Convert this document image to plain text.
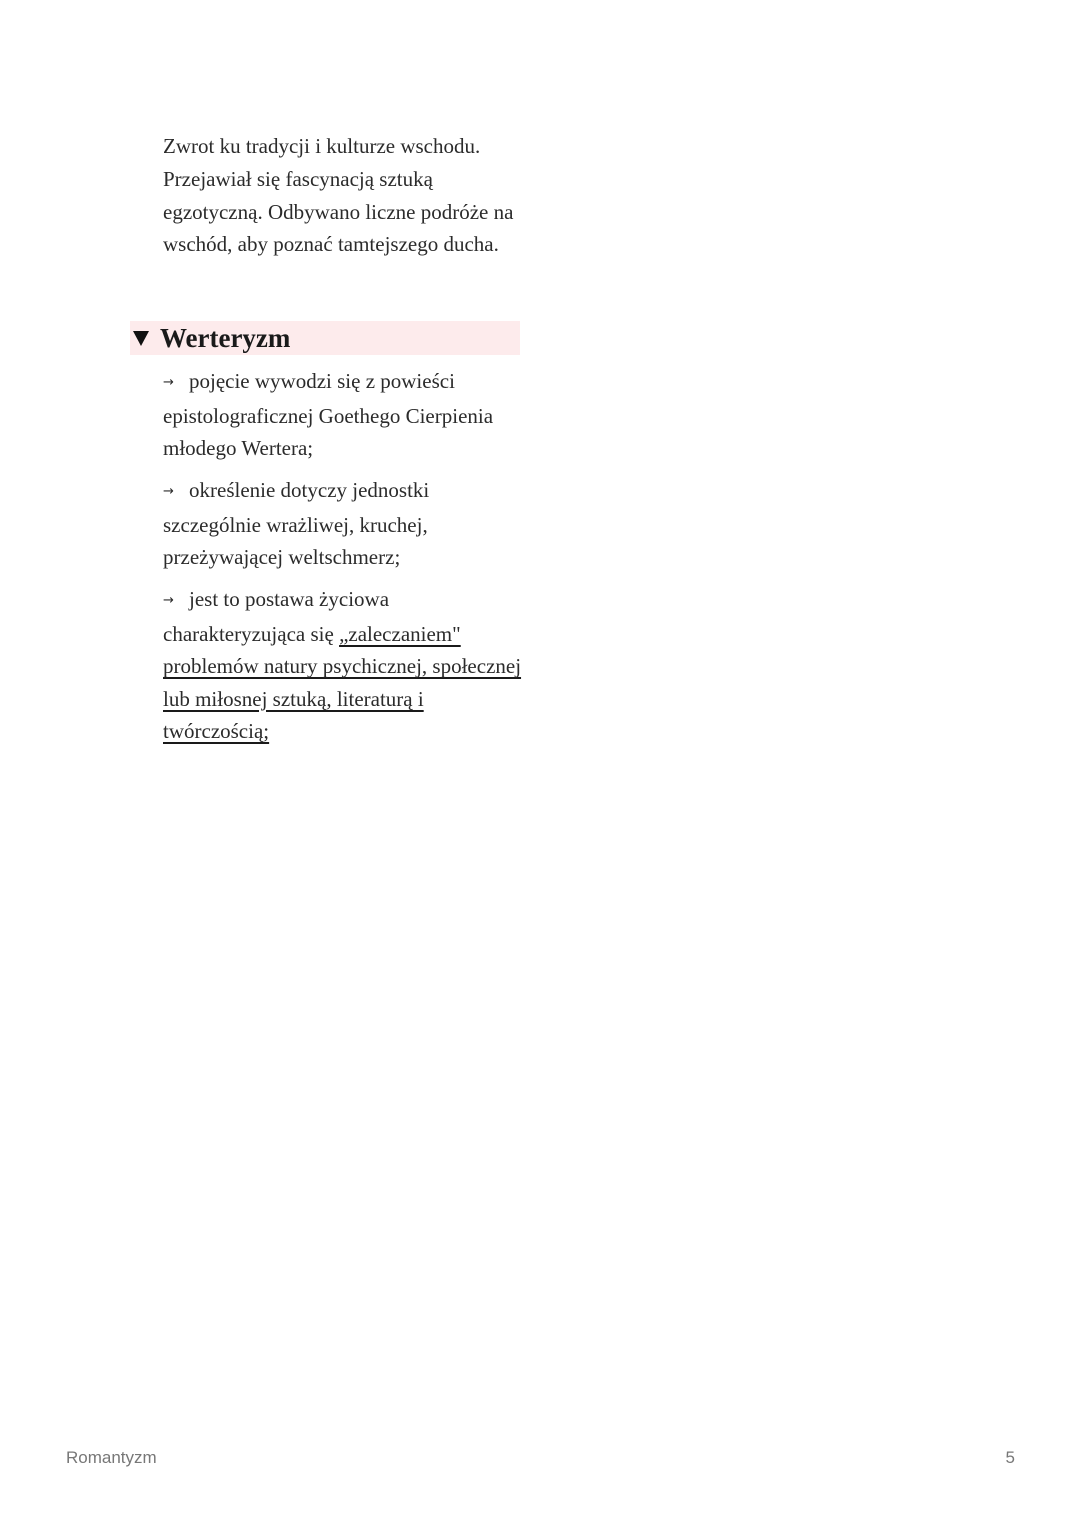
Zwrot ku tradycji i kulturze wschodu. Przejawiał się fascynacją sztuką egzotyczną. Odbywano liczne podróże na wschód, aby poznać tamtejszego ducha.

Werteryzm

→ pojęcie wywodzi się z powieści epistolograficznej Goethego Cierpienia młodego Wertera;

→ określenie dotyczy jednostki szczególnie wrażliwej, kruchej, przeżywającej weltschmerz;

→ jest to postawa życiowa charakteryzująca się „zaleczaniem" problemów natury psychicznej, społecznej lub miłosnej sztuką, literaturą i twórczością;

Romantyzm	5
